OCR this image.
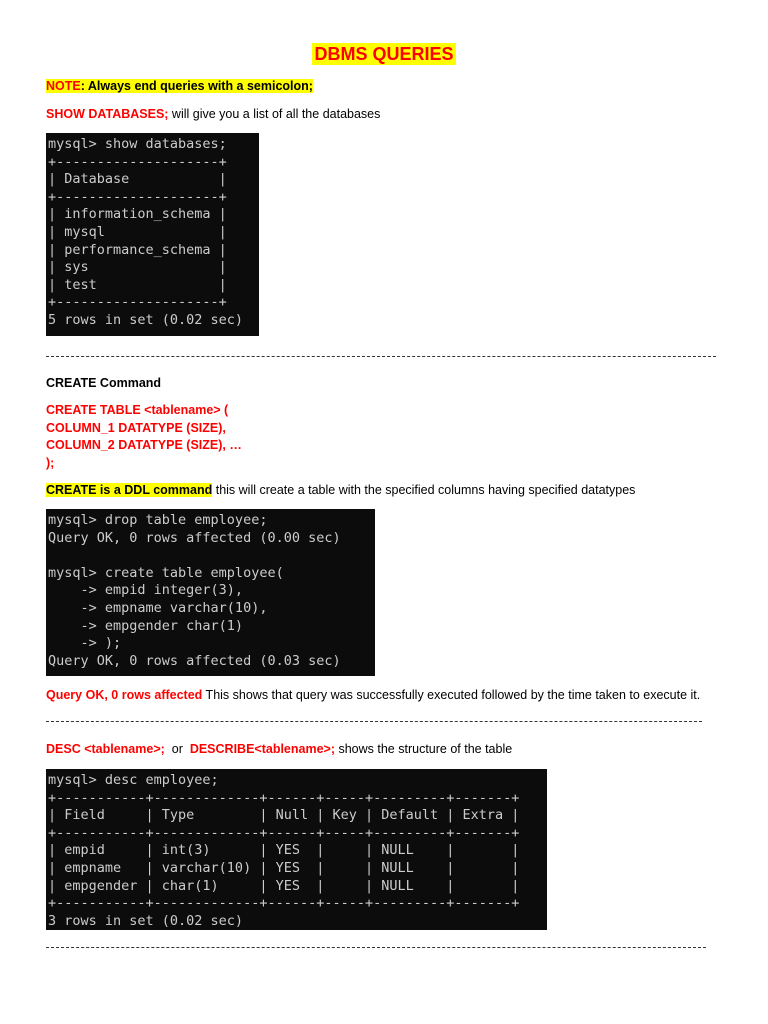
DBMS QUERIES
NOTE: Always end queries with a semicolon;
SHOW DATABASES; will give you a list of all the databases
mysql> show databases;
+--------------------+
| Database           |
+--------------------+
| information_schema |
| mysql              |
| performance_schema |
| sys                |
| test               |
+--------------------+
5 rows in set (0.02 sec)
CREATE Command
CREATE TABLE <tablename> (
COLUMN_1 DATATYPE (SIZE),
COLUMN_2 DATATYPE (SIZE), …
);
CREATE is a DDL command this will create a table with the specified columns having specified datatypes
mysql> drop table employee;
Query OK, 0 rows affected (0.00 sec)

mysql> create table employee(
-> empid integer(3),
-> empname varchar(10),
-> empgender char(1)
-> );
Query OK, 0 rows affected (0.03 sec)
Query OK, 0 rows affected This shows that query was successfully executed followed by the time taken to execute it.
DESC <tablename>;  or  DESCRIBE<tablename>; shows the structure of the table
mysql> desc employee;
+-----------+-------------+------+-----+---------+-------+
| Field     | Type        | Null | Key | Default | Extra |
+-----------+-------------+------+-----+---------+-------+
| empid     | int(3)      | YES  |     | NULL    |       |
| empname   | varchar(10) | YES  |     | NULL    |       |
| empgender | char(1)     | YES  |     | NULL    |       |
+-----------+-------------+------+-----+---------+-------+
3 rows in set (0.02 sec)
